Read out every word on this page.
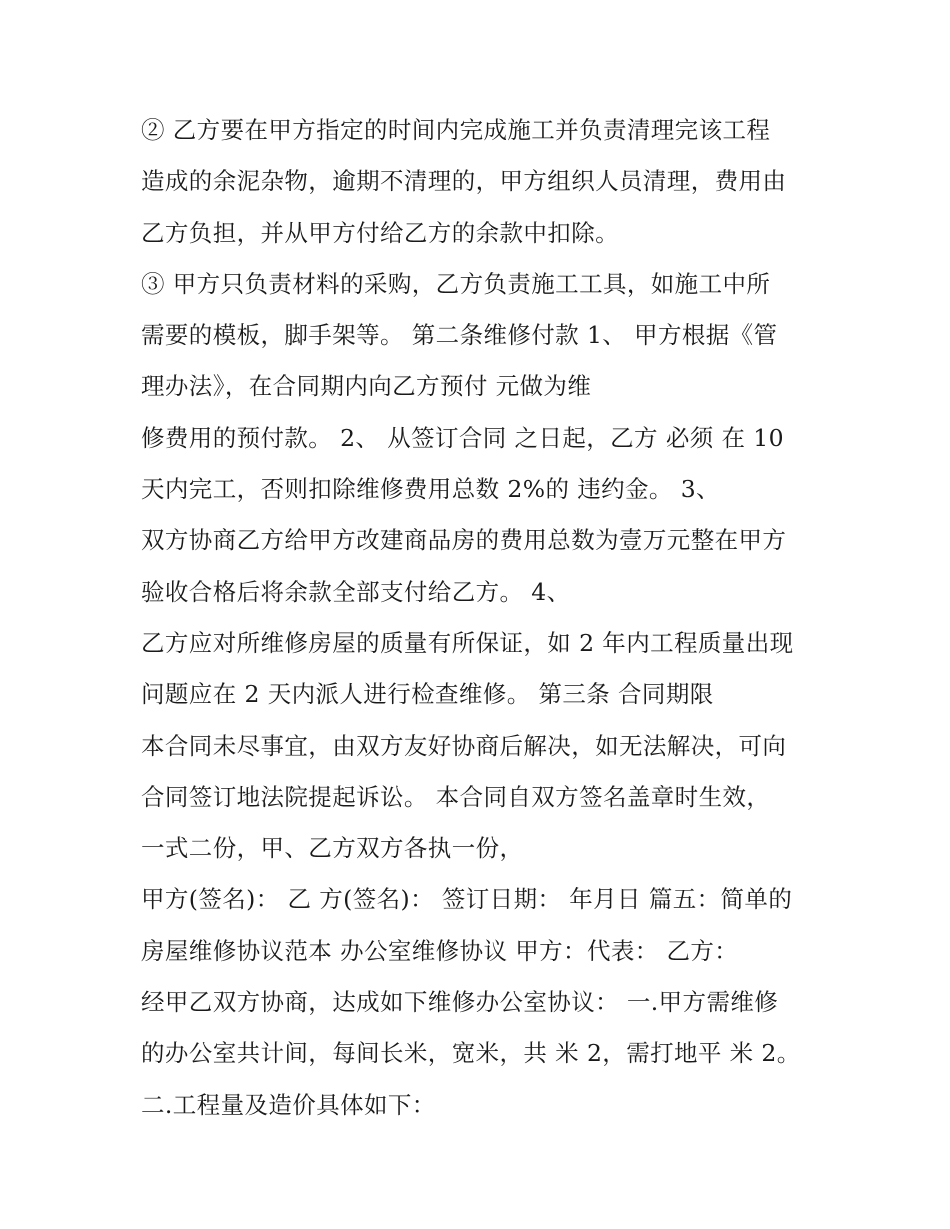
② 乙方要在甲方指定的时间内完成施工并负责清理完该工程
造成的余泥杂物，逾期不清理的，甲方组织人员清理，费用由
乙方负担，并从甲方付给乙方的余款中扣除。
③ 甲方只负责材料的采购，乙方负责施工工具，如施工中所
需要的模板，脚手架等。 第二条维修付款 1、 甲方根据《管
理办法》，在合同期内向乙方预付 元做为维
修费用的预付款。 2、 从签订合同 之日起，乙方 必须 在 10
天内完工，否则扣除维修费用总数 2%的 违约金。 3、
双方协商乙方给甲方改建商品房的费用总数为壹万元整在甲方
验收合格后将余款全部支付给乙方。 4、
乙方应对所维修房屋的质量有所保证，如 2 年内工程质量出现
问题应在 2 天内派人进行检查维修。 第三条 合同期限
本合同未尽事宜，由双方友好协商后解决，如无法解决，可向
合同签订地法院提起诉讼。 本合同自双方签名盖章时生效，
一式二份，甲、乙方双方各执一份，
甲方(签名)： 乙 方(签名)： 签订日期： 年月日 篇五：简单的
房屋维修协议范本 办公室维修协议 甲方：代表： 乙方：
经甲乙双方协商，达成如下维修办公室协议： 一.甲方需维修
的办公室共计间，每间长米，宽米，共 米 2，需打地平 米 2。
二.工程量及造价具体如下：
